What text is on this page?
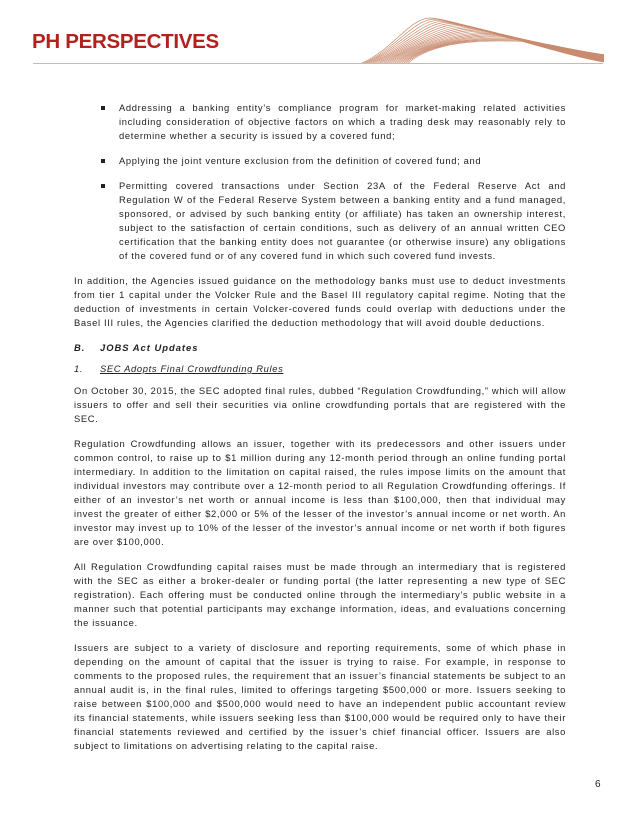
PH PERSPECTIVES
Addressing a banking entity’s compliance program for market-making related activities including consideration of objective factors on which a trading desk may reasonably rely to determine whether a security is issued by a covered fund;
Applying the joint venture exclusion from the definition of covered fund; and
Permitting covered transactions under Section 23A of the Federal Reserve Act and Regulation W of the Federal Reserve System between a banking entity and a fund managed, sponsored, or advised by such banking entity (or affiliate) has taken an ownership interest, subject to the satisfaction of certain conditions, such as delivery of an annual written CEO certification that the banking entity does not guarantee (or otherwise insure) any obligations of the covered fund or of any covered fund in which such covered fund invests.

In addition, the Agencies issued guidance on the methodology banks must use to deduct investments from tier 1 capital under the Volcker Rule and the Basel III regulatory capital regime. Noting that the deduction of investments in certain Volcker-covered funds could overlap with deductions under the Basel III rules, the Agencies clarified the deduction methodology that will avoid double deductions.

B. JOBS Act Updates
1. SEC Adopts Final Crowdfunding Rules

On October 30, 2015, the SEC adopted final rules, dubbed “Regulation Crowdfunding,” which will allow issuers to offer and sell their securities via online crowdfunding portals that are registered with the SEC.

Regulation Crowdfunding allows an issuer, together with its predecessors and other issuers under common control, to raise up to $1 million during any 12-month period through an online funding portal intermediary. In addition to the limitation on capital raised, the rules impose limits on the amount that individual investors may contribute over a 12-month period to all Regulation Crowdfunding offerings. If either of an investor’s net worth or annual income is less than $100,000, then that individual may invest the greater of either $2,000 or 5% of the lesser of the investor’s annual income or net worth. An investor may invest up to 10% of the lesser of the investor’s annual income or net worth if both figures are over $100,000.

All Regulation Crowdfunding capital raises must be made through an intermediary that is registered with the SEC as either a broker-dealer or funding portal (the latter representing a new type of SEC registration). Each offering must be conducted online through the intermediary’s public website in a manner such that potential participants may exchange information, ideas, and evaluations concerning the issuance.

Issuers are subject to a variety of disclosure and reporting requirements, some of which phase in depending on the amount of capital that the issuer is trying to raise. For example, in response to comments to the proposed rules, the requirement that an issuer’s financial statements be subject to an annual audit is, in the final rules, limited to offerings targeting $500,000 or more. Issuers seeking to raise between $100,000 and $500,000 would need to have an independent public accountant review its financial statements, while issuers seeking less than $100,000 would be required only to have their financial statements reviewed and certified by the issuer’s chief financial officer. Issuers are also subject to limitations on advertising relating to the capital raise.

6
